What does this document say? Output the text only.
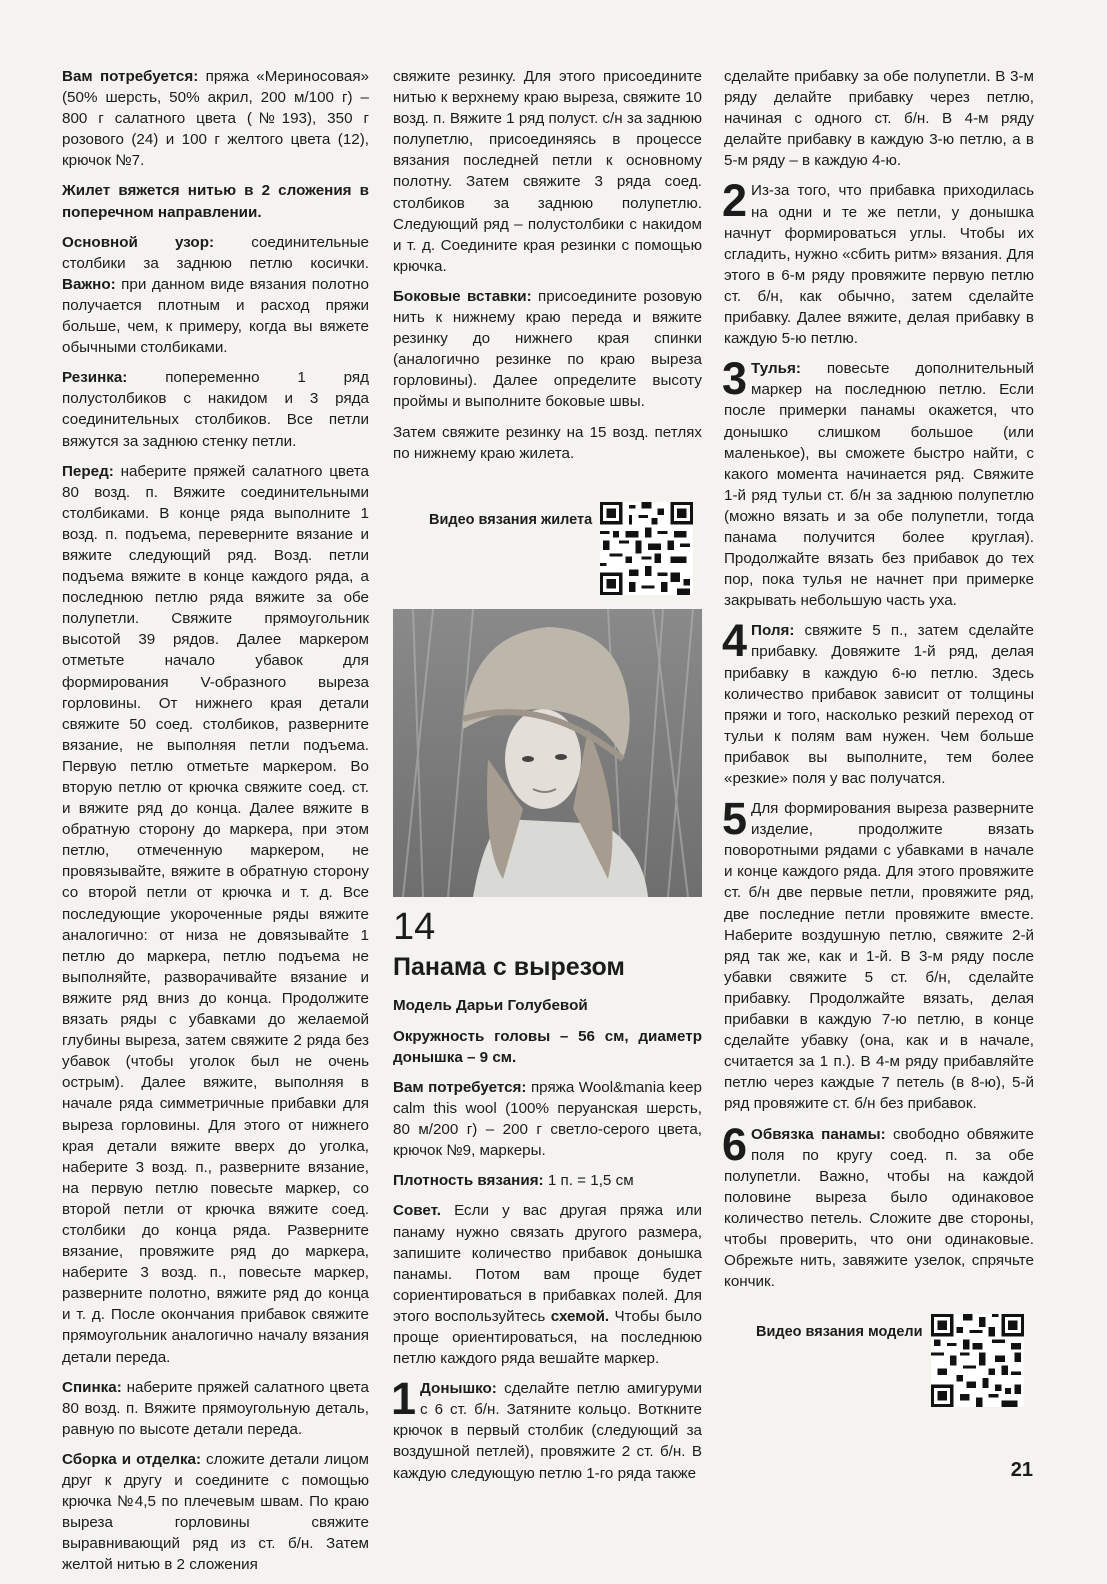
Вам потребуется: пряжа «Мериносовая» (50% шерсть, 50% акрил, 200 м/100 г) – 800 г салатного цвета (№193), 350 г розового (24) и 100 г желтого цвета (12), крючок №7.

Жилет вяжется нитью в 2 сложения в поперечном направлении.

Основной узор: соединительные столбики за заднюю петлю косички. Важно: при данном виде вязания полотно получается плотным и расход пряжи больше, чем, к примеру, когда вы вяжете обычными столбиками.

Резинка: попеременно 1 ряд полустолбиков с накидом и 3 ряда соединительных столбиков. Все петли вяжутся за заднюю стенку петли.

Перед: наберите пряжей салатного цвета 80 возд. п. Вяжите соединительными столбиками. В конце ряда выполните 1 возд. п. подъема, переверните вязание и вяжите следующий ряд. Возд. петли подъема вяжите в конце каждого ряда, а последнюю петлю ряда вяжите за обе полупетли. Свяжите прямоугольник высотой 39 рядов. Далее маркером отметьте начало убавок для формирования V-образного выреза горловины. От нижнего края детали свяжите 50 соед. столбиков, разверните вязание, не выполняя петли подъема. Первую петлю отметьте маркером. Во вторую петлю от крючка свяжите соед. ст. и вяжите ряд до конца. Далее вяжите в обратную сторону до маркера, при этом петлю, отмеченную маркером, не провязывайте, вяжите в обратную сторону со второй петли от крючка и т. д. Все последующие укороченные ряды вяжите аналогично: от низа не довязывайте 1 петлю до маркера, петлю подъема не выполняйте, разворачивайте вязание и вяжите ряд вниз до конца. Продолжите вязать ряды с убавками до желаемой глубины выреза, затем свяжите 2 ряда без убавок (чтобы уголок был не очень острым). Далее вяжите, выполняя в начале ряда симметричные прибавки для выреза горловины. Для этого от нижнего края детали вяжите вверх до уголка, наберите 3 возд. п., разверните вязание, на первую петлю повесьте маркер, со второй петли от крючка вяжите соед. столбики до конца ряда. Разверните вязание, провяжите ряд до маркера, наберите 3 возд. п., повесьте маркер, разверните полотно, вяжите ряд до конца и т. д. После окончания прибавок свяжите прямоугольник аналогично началу вязания детали переда.

Спинка: наберите пряжей салатного цвета 80 возд. п. Вяжите прямоугольную деталь, равную по высоте детали переда.

Сборка и отделка: сложите детали лицом друг к другу и соедините с помощью крючка №4,5 по плечевым швам. По краю выреза горловины свяжите выравнивающий ряд из ст. б/н. Затем желтой нитью в 2 сложения

свяжите резинку. Для этого присоедините нитью к верхнему краю выреза, свяжите 10 возд. п. Вяжите 1 ряд полуст. с/н за заднюю полупетлю, присоединяясь в процессе вязания последней петли к основному полотну. Затем свяжите 3 ряда соед. столбиков за заднюю полупетлю. Следующий ряд – полустолбики с накидом и т. д. Соедините края резинки с помощью крючка.

Боковые вставки: присоедините розовую нить к нижнему краю переда и вяжите резинку до нижнего края спинки (аналогично резинке по краю выреза горловины). Далее определите высоту проймы и выполните боковые швы.

Затем свяжите резинку на 15 возд. петлях по нижнему краю жилета.

Видео вязания жилета
14
Панама с вырезом

Модель Дарьи Голубевой

Окружность головы – 56 см, диаметр донышка – 9 см.

Вам потребуется: пряжа Wool&mania keep calm this wool (100% перуанская шерсть, 80 м/200 г) – 200 г светло-серого цвета, крючок №9, маркеры.

Плотность вязания: 1 п. = 1,5 см

Совет. Если у вас другая пряжа или панаму нужно связать другого размера, запишите количество прибавок донышка панамы. Потом вам проще будет сориентироваться в прибавках полей. Для этого воспользуйтесь схемой. Чтобы было проще ориентироваться, на последнюю петлю каждого ряда вешайте маркер.

1 Донышко: сделайте петлю амигуруми с 6 ст. б/н. Затяните кольцо. Воткните крючок в первый столбик (следующий за воздушной петлей), провяжите 2 ст. б/н. В каждую следующую петлю 1-го ряда также

сделайте прибавку за обе полупетли. В 3-м ряду делайте прибавку через петлю, начиная с одного ст. б/н. В 4-м ряду делайте прибавку в каждую 3-ю петлю, а в 5-м ряду – в каждую 4-ю.

2 Из-за того, что прибавка приходилась на одни и те же петли, у донышка начнут формироваться углы. Чтобы их сгладить, нужно «сбить ритм» вязания. Для этого в 6-м ряду провяжите первую петлю ст. б/н, как обычно, затем сделайте прибавку. Далее вяжите, делая прибавку в каждую 5-ю петлю.

3 Тулья: повесьте дополнительный маркер на последнюю петлю. Если после примерки панамы окажется, что донышко слишком большое (или маленькое), вы сможете быстро найти, с какого момента начинается ряд. Свяжите 1-й ряд тульи ст. б/н за заднюю полупетлю (можно вязать и за обе полупетли, тогда панама получится более круглая). Продолжайте вязать без прибавок до тех пор, пока тулья не начнет при примерке закрывать небольшую часть уха.

4 Поля: свяжите 5 п., затем сделайте прибавку. Довяжите 1-й ряд, делая прибавку в каждую 6-ю петлю. Здесь количество прибавок зависит от толщины пряжи и того, насколько резкий переход от тульи к полям вам нужен. Чем больше прибавок вы выполните, тем более «резкие» поля у вас получатся.

5 Для формирования выреза разверните изделие, продолжите вязать поворотными рядами с убавками в начале и конце каждого ряда. Для этого провяжите ст. б/н две первые петли, провяжите ряд, две последние петли провяжите вместе. Наберите воздушную петлю, свяжите 2-й ряд так же, как и 1-й. В 3-м ряду после убавки свяжите 5 ст. б/н, сделайте прибавку. Продолжайте вязать, делая прибавки в каждую 7-ю петлю, в конце сделайте убавку (она, как и в начале, считается за 1 п.). В 4-м ряду прибавляйте петлю через каждые 7 петель (в 8-ю), 5-й ряд провяжите ст. б/н без прибавок.

6 Обвязка панамы: свободно обвяжите поля по кругу соед. п. за обе полупетли. Важно, чтобы на каждой половине выреза было одинаковое количество петель. Сложите две стороны, чтобы проверить, что они одинаковые. Обрежьте нить, завяжите узелок, спрячьте кончик.

Видео вязания модели
21
